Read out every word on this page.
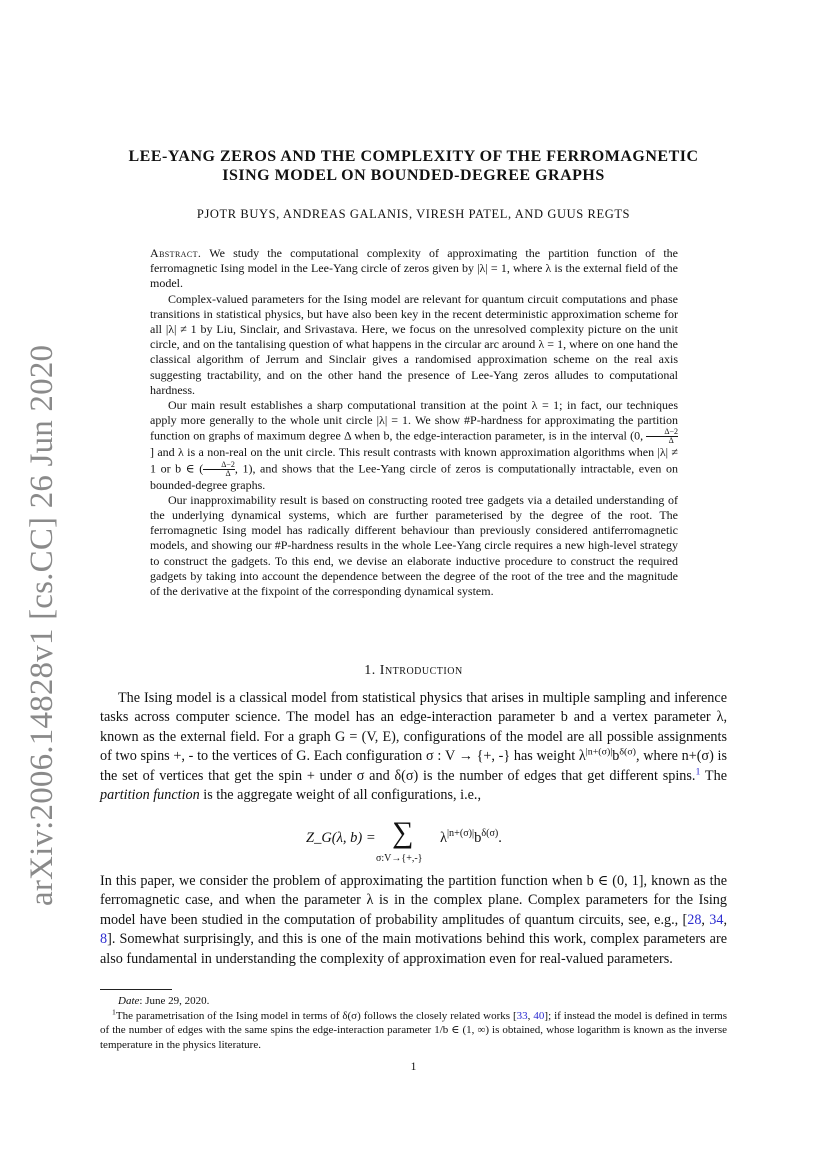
arXiv:2006.14828v1 [cs.CC] 26 Jun 2020
LEE-YANG ZEROS AND THE COMPLEXITY OF THE FERROMAGNETIC
ISING MODEL ON BOUNDED-DEGREE GRAPHS
PJOTR BUYS, ANDREAS GALANIS, VIRESH PATEL, AND GUUS REGTS

Abstract. We study the computational complexity of approximating the partition function of the ferromagnetic Ising model in the Lee-Yang circle of zeros given by |λ| = 1, where λ is the external field of the model.

Complex-valued parameters for the Ising model are relevant for quantum circuit computations and phase transitions in statistical physics, but have also been key in the recent deterministic approximation scheme for all |λ| ≠ 1 by Liu, Sinclair, and Srivastava. Here, we focus on the unresolved complexity picture on the unit circle, and on the tantalising question of what happens in the circular arc around λ = 1, where on one hand the classical algorithm of Jerrum and Sinclair gives a randomised approximation scheme on the real axis suggesting tractability, and on the other hand the presence of Lee-Yang zeros alludes to computational hardness.

Our main result establishes a sharp computational transition at the point λ = 1; in fact, our techniques apply more generally to the whole unit circle |λ| = 1. We show #P-hardness for approximating the partition function on graphs of maximum degree Δ when b, the edge-interaction parameter, is in the interval (0, $\frac{\Delta-2}{\Delta}$
] and λ is a non-real on the unit circle. This result contrasts with known approximation algorithms when |λ| ≠ 1 or b ∈ ( $\frac{\Delta-2}{\Delta}$ , 1), and shows that the Lee-Yang circle of zeros is computationally intractable, even on bounded-degree graphs.

Our inapproximability result is based on constructing rooted tree gadgets via a detailed understanding of the underlying dynamical systems, which are further parameterised by the degree of the root. The ferromagnetic Ising model has radically different behaviour than previously considered antiferromagnetic models, and showing our #P-hardness results in the whole Lee-Yang circle requires a new high-level strategy to construct the gadgets. To this end, we devise an elaborate inductive procedure to construct the required gadgets by taking into account the dependence between the degree of the root of the tree and the magnitude of the derivative at the fixpoint of the corresponding dynamical system.

1. Introduction

The Ising model is a classical model from statistical physics that arises in multiple sampling and inference tasks across computer science. The model has an edge-interaction parameter b and a vertex parameter λ, known as the external field. For a graph G = (V, E), configurations of the model are all possible assignments of two spins +, - to the vertices of G. Each configuration σ : V → {+, -} has weight $\lambda^{|n+(\sigma)|}b^{\delta(\sigma)}$, where n+(σ) is the set of vertices that get the spin + under σ and δ(σ) is the number of edges that get different spins.$^1$ The partition function is the aggregate weight of all configurations, i.e.,

Z_G(λ, b) = ∑
σ:V→{+,-}
$\lambda^{|n+(\sigma)|}b^{\delta(\sigma)}$.

In this paper, we consider the problem of approximating the partition function when b ∈ (0, 1], known as the ferromagnetic case, and when the parameter λ is in the complex plane. Complex parameters for the Ising model have been studied in the computation of probability amplitudes of quantum circuits, see, e.g., [28, 34, 8]. Somewhat surprisingly, and this is one of the main motivations behind this work, complex parameters are also fundamental in understanding the complexity of approximation even for real-valued parameters.

Date: June 29, 2020.

$^1$The parametrisation of the Ising model in terms of δ(σ) follows the closely related works [33, 40]; if instead the model is defined in terms of the number of edges with the same spins the edge-interaction parameter 1/b ∈ (1, ∞) is obtained, whose logarithm is known as the inverse temperature in the physics literature.

1
